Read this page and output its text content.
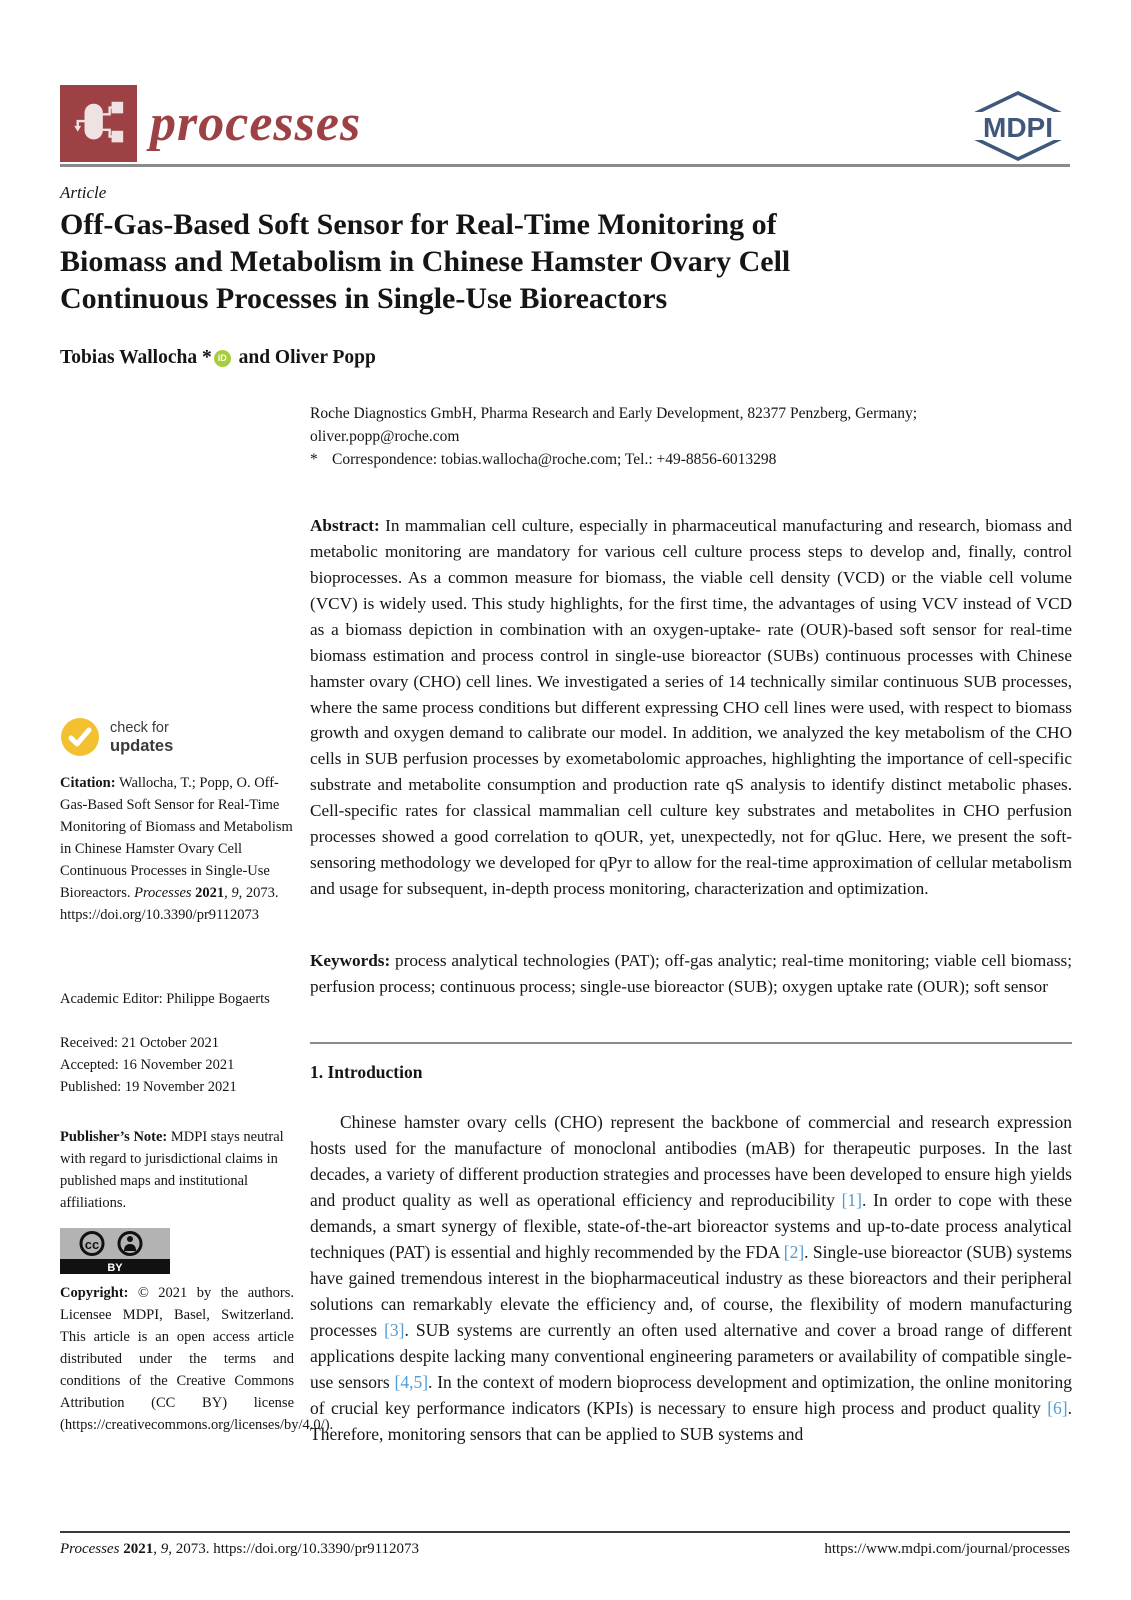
processes	MDPI
Article
Off-Gas-Based Soft Sensor for Real-Time Monitoring of
Biomass and Metabolism in Chinese Hamster Ovary Cell
Continuous Processes in Single-Use Bioreactors
Tobias Wallocha * iD and Oliver Popp
Roche Diagnostics GmbH, Pharma Research and Early Development, 82377 Penzberg, Germany;
oliver.popp@roche.com
* Correspondence: tobias.wallocha@roche.com; Tel.: +49-8856-6013298

Abstract: In mammalian cell culture, especially in pharmaceutical manufacturing and research, biomass and metabolic monitoring are mandatory for various cell culture process steps to develop and, finally, control bioprocesses. As a common measure for biomass, the viable cell density (VCD) or the viable cell volume (VCV) is widely used. This study highlights, for the first time, the advantages of using VCV instead of VCD as a biomass depiction in combination with an oxygen-uptake- rate (OUR)-based soft sensor for real-time biomass estimation and process control in single-use bioreactor (SUBs) continuous processes with Chinese hamster ovary (CHO) cell lines. We investigated a series of 14 technically similar continuous SUB processes, where the same process conditions but different expressing CHO cell lines were used, with respect to biomass growth and oxygen demand to calibrate our model. In addition, we analyzed the key metabolism of the CHO cells in SUB perfusion processes by exometabolomic approaches, highlighting the importance of cell-specific substrate and metabolite consumption and production rate qS analysis to identify distinct metabolic phases. Cell-specific rates for classical mammalian cell culture key substrates and metabolites in CHO perfusion processes showed a good correlation to qOUR, yet, unexpectedly, not for qGluc. Here, we present the soft-sensoring methodology we developed for qPyr to allow for the real-time approximation of cellular metabolism and usage for subsequent, in-depth process monitoring, characterization and optimization.

Keywords: process analytical technologies (PAT); off-gas analytic; real-time monitoring; viable cell biomass; perfusion process; continuous process; single-use bioreactor (SUB); oxygen uptake rate (OUR); soft sensor

1. Introduction

Chinese hamster ovary cells (CHO) represent the backbone of commercial and research expression hosts used for the manufacture of monoclonal antibodies (mAB) for therapeutic purposes. In the last decades, a variety of different production strategies and processes have been developed to ensure high yields and product quality as well as operational efficiency and reproducibility [1]. In order to cope with these demands, a smart synergy of flexible, state-of-the-art bioreactor systems and up-to-date process analytical techniques (PAT) is essential and highly recommended by the FDA [2]. Single-use bioreactor (SUB) systems have gained tremendous interest in the biopharmaceutical industry as these bioreactors and their peripheral solutions can remarkably elevate the efficiency and, of course, the flexibility of modern manufacturing processes [3]. SUB systems are currently an often used alternative and cover a broad range of different applications despite lacking many conventional engineering parameters or availability of compatible single-use sensors [4,5]. In the context of modern bioprocess development and optimization, the online monitoring of crucial key performance indicators (KPIs) is necessary to ensure high process and product quality [6]. Therefore, monitoring sensors that can be applied to SUB systems and

check for
updates
Citation: Wallocha, T.; Popp, O. Off-Gas-Based Soft Sensor for Real-Time Monitoring of Biomass and Metabolism in Chinese Hamster Ovary Cell Continuous Processes in Single-Use Bioreactors. Processes 2021, 9, 2073. https://doi.org/10.3390/pr9112073
Academic Editor: Philippe Bogaerts
Received: 21 October 2021
Accepted: 16 November 2021
Published: 19 November 2021
Publisher’s Note: MDPI stays neutral with regard to jurisdictional claims in published maps and institutional affiliations.
cc
BY
Copyright: © 2021 by the authors. Licensee MDPI, Basel, Switzerland. This article is an open access article distributed under the terms and conditions of the Creative Commons Attribution (CC BY) license (https://creativecommons.org/licenses/by/4.0/).
Processes 2021, 9, 2073. https://doi.org/10.3390/pr9112073	https://www.mdpi.com/journal/processes
